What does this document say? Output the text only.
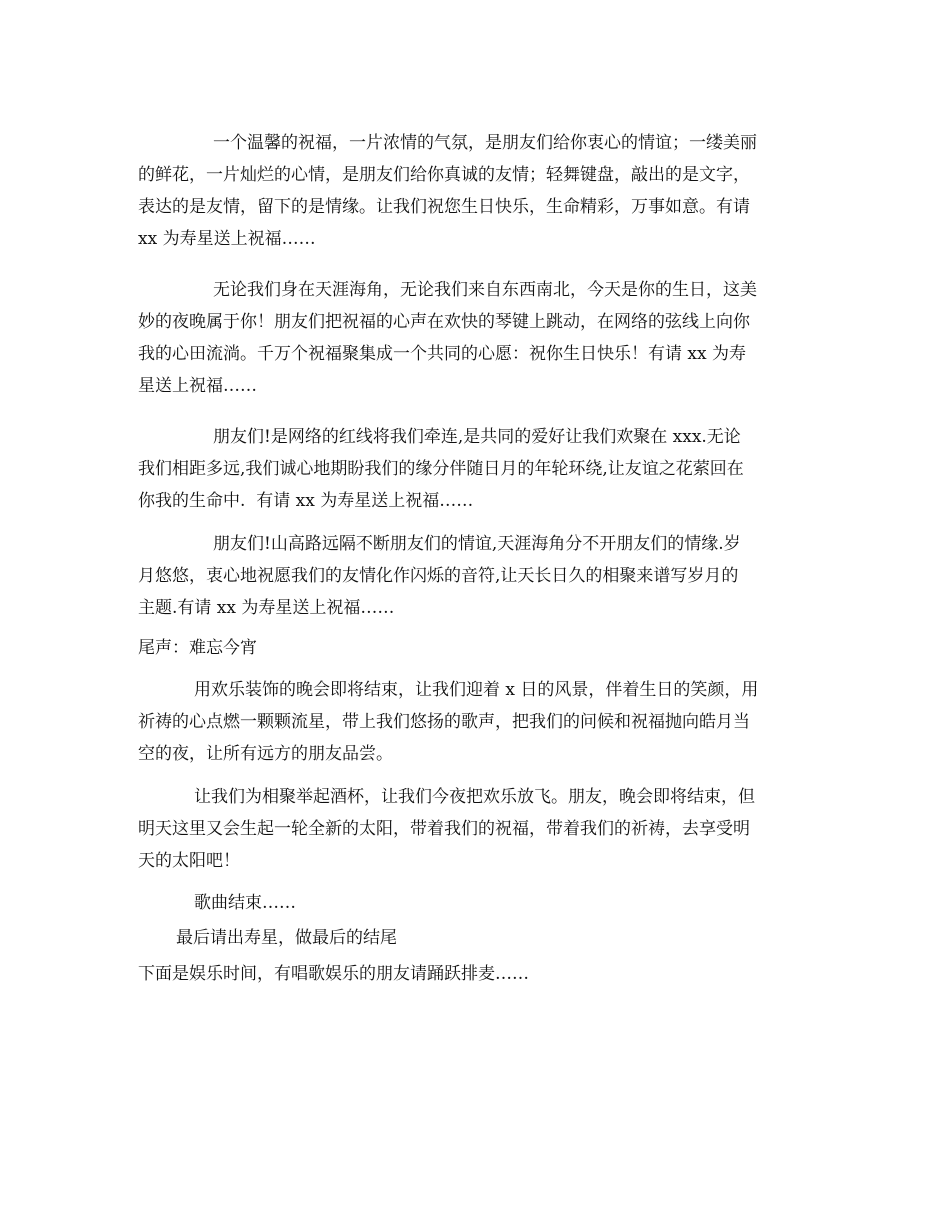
一个温馨的祝福，一片浓情的气氛，是朋友们给你衷心的情谊；一缕美丽

的鲜花，一片灿烂的心情，是朋友们给你真诚的友情；轻舞键盘，敲出的是文字，

表达的是友情，留下的是情缘。让我们祝您生日快乐，生命精彩，万事如意。有请

xx 为寿星送上祝福……

无论我们身在天涯海角，无论我们来自东西南北，今天是你的生日，这美

妙的夜晚属于你！朋友们把祝福的心声在欢快的琴键上跳动，在网络的弦线上向你

我的心田流淌。千万个祝福聚集成一个共同的心愿：祝你生日快乐！有请 xx 为寿

星送上祝福……

朋友们!是网络的红线将我们牵连,是共同的爱好让我们欢聚在 xxx.无论

我们相距多远,我们诚心地期盼我们的缘分伴随日月的年轮环绕,让友谊之花萦回在

你我的生命中.  有请 xx 为寿星送上祝福……

朋友们!山高路远隔不断朋友们的情谊,天涯海角分不开朋友们的情缘.岁

月悠悠，衷心地祝愿我们的友情化作闪烁的音符,让天长日久的相聚来谱写岁月的

主题.有请 xx 为寿星送上祝福……

尾声：难忘今宵

用欢乐装饰的晚会即将结束，让我们迎着 x 日的风景，伴着生日的笑颜，用

祈祷的心点燃一颗颗流星，带上我们悠扬的歌声，把我们的问候和祝福抛向皓月当

空的夜，让所有远方的朋友品尝。

让我们为相聚举起酒杯，让我们今夜把欢乐放飞。朋友，晚会即将结束，但

明天这里又会生起一轮全新的太阳，带着我们的祝福，带着我们的祈祷，去享受明

天的太阳吧！

歌曲结束……

最后请出寿星，做最后的结尾

下面是娱乐时间，有唱歌娱乐的朋友请踊跃排麦……
